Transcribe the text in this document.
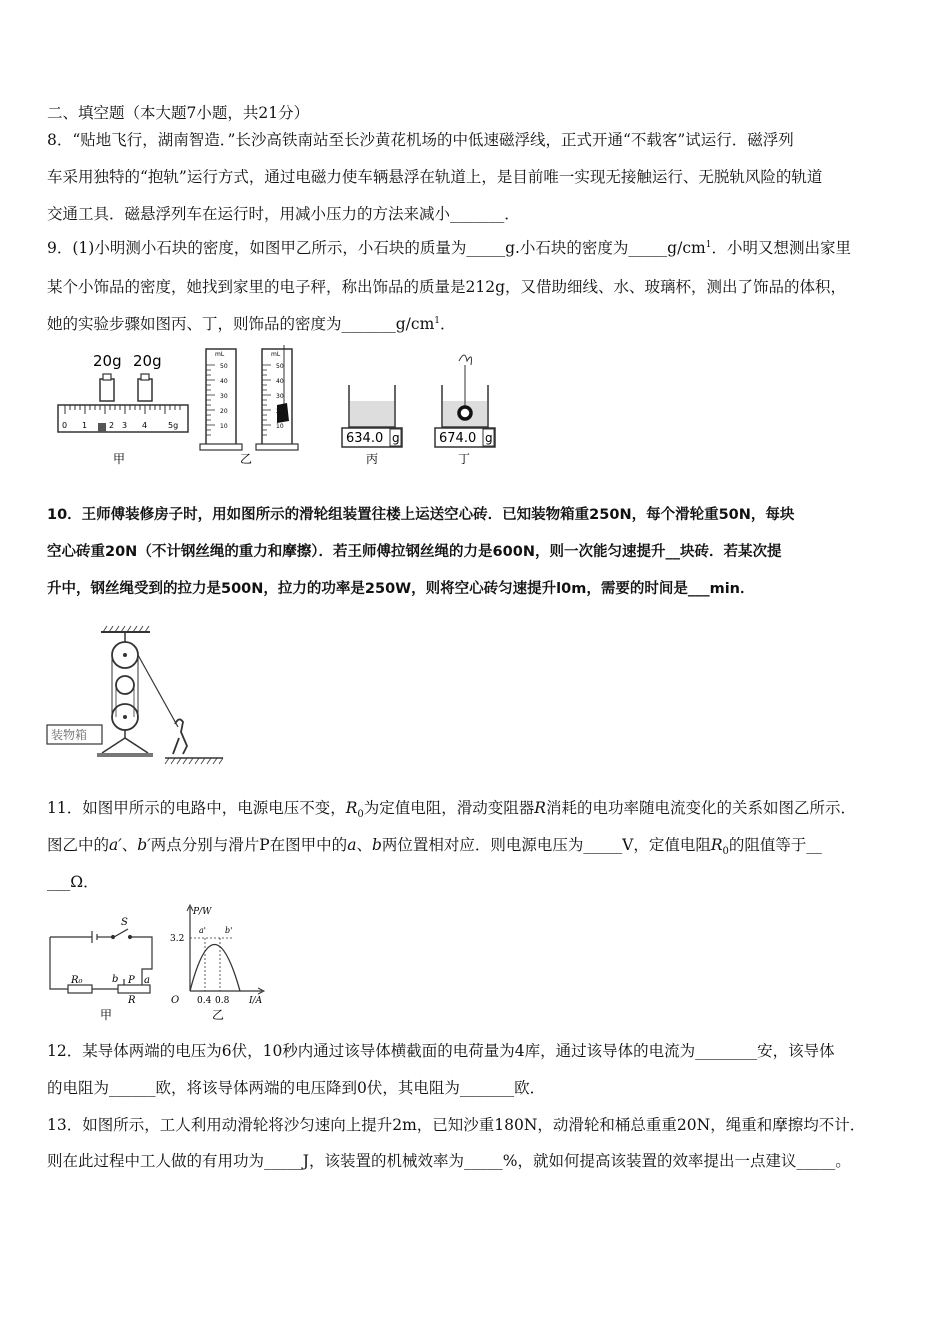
二、填空题（本大题7小题，共21分）
8．“贴地飞行，湖南智造．”长沙高铁南站至长沙黄花机场的中低速磁浮线，正式开通“不载客”试运行．磁浮列
车采用独特的“抱轨”运行方式，通过电磁力使车辆悬浮在轨道上，是目前唯一实现无接触运行、无脱轨风险的轨道
交通工具．磁悬浮列车在运行时，用减小压力的方法来减小_______．
9．(1)小明测小石块的密度，如图甲乙所示，小石块的质量为_____g.小石块的密度为$\_\_\_\_\_g/cm^1$．小明又想测出家里
某个小饰品的密度，她找到家里的电子秤，称出饰品的质量是212g，又借助细线、水、玻璃杯，测出了饰品的体积，
她的实验步骤如图丙、丁，则饰品的密度为$\_\_\_\_\_\_\_g/cm^1$．
20g 20g
0 1	2 3 4	5g
甲
mL
50
40
30
20
10
mL
50
40
30
10
乙
634.0 g
丙
674.0 g
丁
10．王师傅装修房子时，用如图所示的滑轮组装置往楼上运送空心砖．已知装物箱重250N，每个滑轮重50N，每块
空心砖重20N（不计钢丝绳的重力和摩擦）．若王师傅拉钢丝绳的力是600N，则一次能匀速提升__块砖．若某次提
升中，钢丝绳受到的拉力是500N，拉力的功率是250W，则将空心砖匀速提升l0m，需要的时间是___min．
装物箱
11．如图甲所示的电路中，电源电压不变，$R_0$为定值电阻，滑动变阻器R消耗的电功率随电流变化的关系如图乙所示．
图乙中的a′、b′两点分别与滑片P在图甲中的a、b两位置相对应．则电源电压为_____V，定值电阻$R_0$的阻值等于__
___Ω．
S
R₀	b P a
R
甲
P/W
3.2
O 0.4 0.8 I/A
a' b'
乙
12．某导体两端的电压为6伏，10秒内通过该导体横截面的电荷量为4库，通过该导体的电流为________安，该导体
的电阻为______欧，将该导体两端的电压降到0伏，其电阻为_______欧．
13．如图所示，工人利用动滑轮将沙匀速向上提升2m，已知沙重180N，动滑轮和桶总重重20N，绳重和摩擦均不计．
则在此过程中工人做的有用功为_____J，该装置的机械效率为_____%，就如何提高该装置的效率提出一点建议_____。
